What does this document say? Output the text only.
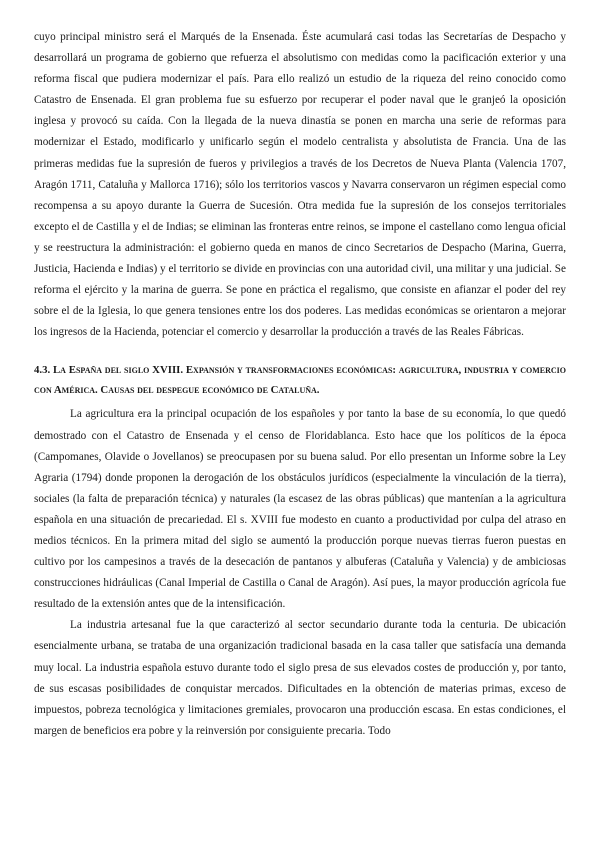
cuyo principal ministro será el Marqués de la Ensenada. Éste acumulará casi todas las Secretarías de Despacho y desarrollará un programa de gobierno que refuerza el absolutismo con medidas como la pacificación exterior y una reforma fiscal que pudiera modernizar el país. Para ello realizó un estudio de la riqueza del reino conocido como Catastro de Ensenada. El gran problema fue su esfuerzo por recuperar el poder naval que le granjeó la oposición inglesa y provocó su caída. Con la llegada de la nueva dinastía se ponen en marcha una serie de reformas para modernizar el Estado, modificarlo y unificarlo según el modelo centralista y absolutista de Francia. Una de las primeras medidas fue la supresión de fueros y privilegios a través de los Decretos de Nueva Planta (Valencia 1707, Aragón 1711, Cataluña y Mallorca 1716); sólo los territorios vascos y Navarra conservaron un régimen especial como recompensa a su apoyo durante la Guerra de Sucesión. Otra medida fue la supresión de los consejos territoriales excepto el de Castilla y el de Indias; se eliminan las fronteras entre reinos, se impone el castellano como lengua oficial y se reestructura la administración: el gobierno queda en manos de cinco Secretarios de Despacho (Marina, Guerra, Justicia, Hacienda e Indias) y el territorio se divide en provincias con una autoridad civil, una militar y una judicial. Se reforma el ejército y la marina de guerra. Se pone en práctica el regalismo, que consiste en afianzar el poder del rey sobre el de la Iglesia, lo que genera tensiones entre los dos poderes. Las medidas económicas se orientaron a mejorar los ingresos de la Hacienda, potenciar el comercio y desarrollar la producción a través de las Reales Fábricas.

4.3. La España del siglo XVIII. Expansión y transformaciones económicas: agricultura, industria y comercio con América. Causas del despegue económico de Cataluña.

La agricultura era la principal ocupación de los españoles y por tanto la base de su economía, lo que quedó demostrado con el Catastro de Ensenada y el censo de Floridablanca. Esto hace que los políticos de la época (Campomanes, Olavide o Jovellanos) se preocupasen por su buena salud. Por ello presentan un Informe sobre la Ley Agraria (1794) donde proponen la derogación de los obstáculos jurídicos (especialmente la vinculación de la tierra), sociales (la falta de preparación técnica) y naturales (la escasez de las obras públicas) que mantenían a la agricultura española en una situación de precariedad. El s. XVIII fue modesto en cuanto a productividad por culpa del atraso en medios técnicos. En la primera mitad del siglo se aumentó la producción porque nuevas tierras fueron puestas en cultivo por los campesinos a través de la desecación de pantanos y albuferas (Cataluña y Valencia) y de ambiciosas construcciones hidráulicas (Canal Imperial de Castilla o Canal de Aragón). Así pues, la mayor producción agrícola fue resultado de la extensión antes que de la intensificación.

La industria artesanal fue la que caracterizó al sector secundario durante toda la centuria. De ubicación esencialmente urbana, se trataba de una organización tradicional basada en la casa taller que satisfacía una demanda muy local. La industria española estuvo durante todo el siglo presa de sus elevados costes de producción y, por tanto, de sus escasas posibilidades de conquistar mercados. Dificultades en la obtención de materias primas, exceso de impuestos, pobreza tecnológica y limitaciones gremiales, provocaron una producción escasa. En estas condiciones, el margen de beneficios era pobre y la reinversión por consiguiente precaria. Todo
